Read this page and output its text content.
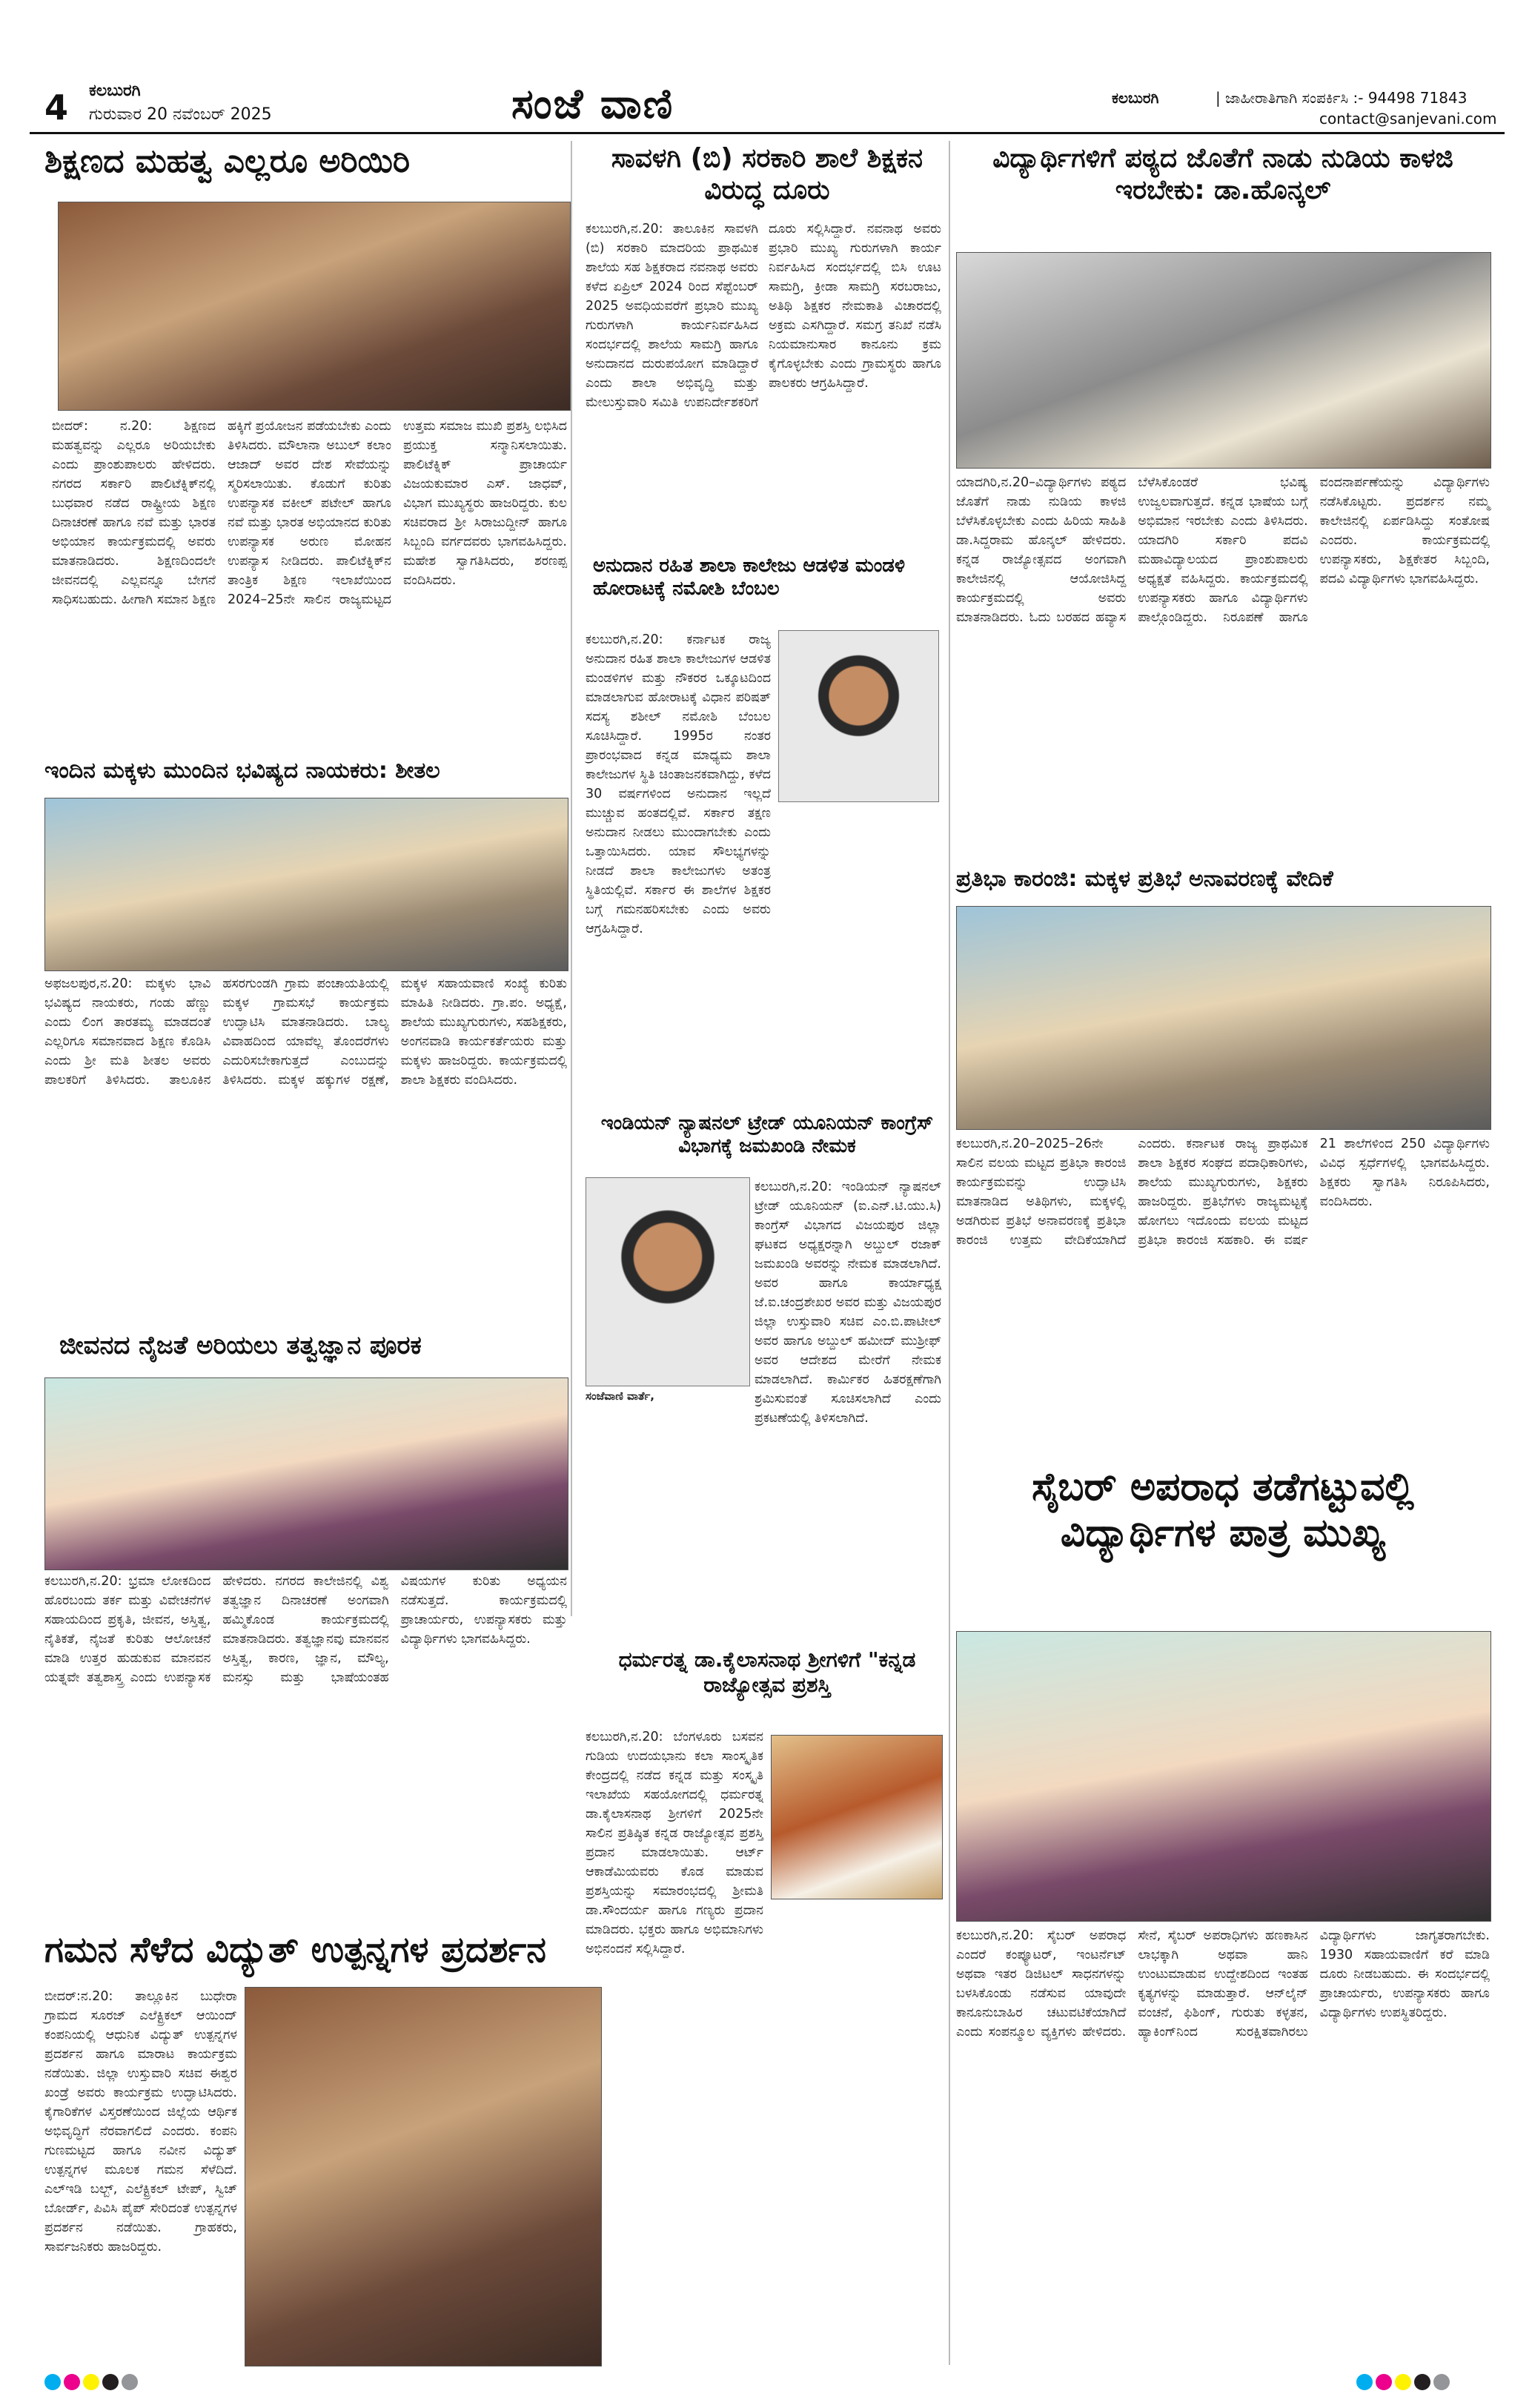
4 ಕಲಬುರಗಿ
ಗುರುವಾರ 20 ನವೆಂಬರ್ 2025	ಸಂಜೆ ವಾಣಿ	ಕಲಬುರಗಿ	| ಜಾಹೀರಾತಿಗಾಗಿ ಸಂಪರ್ಕಿಸಿ :- 94498 71843
contact@sanjevani.com
ಶಿಕ್ಷಣದ ಮಹತ್ವ ಎಲ್ಲರೂ ಅರಿಯಿರಿ
ಬೀದರ್: ನ.20: ಶಿಕ್ಷಣದ ಮಹತ್ವವನ್ನು ಎಲ್ಲರೂ ಅರಿಯಬೇಕು ಎಂದು ಪ್ರಾಂಶುಪಾಲರು ಹೇಳಿದರು. ನಗರದ ಸರ್ಕಾರಿ ಪಾಲಿಟೆಕ್ನಿಕ್‌ನಲ್ಲಿ ಬುಧವಾರ ನಡೆದ ರಾಷ್ಟ್ರೀಯ ಶಿಕ್ಷಣ ದಿನಾಚರಣೆ ಹಾಗೂ ನವೆ ಮತ್ತು ಭಾರತ ಅಭಿಯಾನ ಕಾರ್ಯಕ್ರಮದಲ್ಲಿ ಅವರು ಮಾತನಾಡಿದರು. ಶಿಕ್ಷಣದಿಂದಲೇ ಜೀವನದಲ್ಲಿ ಎಲ್ಲವನ್ನೂ ಬೇಗನೆ ಸಾಧಿಸಬಹುದು. ಹೀಗಾಗಿ ಸಮಾನ ಶಿಕ್ಷಣ ಹಕ್ಕಿಗೆ ಪ್ರಯೋಜನ ಪಡೆಯಬೇಕು ಎಂದು ತಿಳಿಸಿದರು. ಮೌಲಾನಾ ಅಬುಲ್ ಕಲಾಂ ಆಜಾದ್ ಅವರ ದೇಶ ಸೇವೆಯನ್ನು ಸ್ಮರಿಸಲಾಯಿತು. ಕೊಡುಗೆ ಕುರಿತು ಉಪನ್ಯಾಸಕ ವಕೀಲ್ ಪಟೇಲ್ ಹಾಗೂ ನವೆ ಮತ್ತು ಭಾರತ ಅಭಿಯಾನದ ಕುರಿತು ಉಪನ್ಯಾಸಕ ಅರುಣ ಮೋಹನ ಉಪನ್ಯಾಸ ನೀಡಿದರು. ಪಾಲಿಟೆಕ್ನಿಕ್‌ನ ತಾಂತ್ರಿಕ ಶಿಕ್ಷಣ ಇಲಾಖೆಯಿಂದ 2024–25ನೇ ಸಾಲಿನ ರಾಜ್ಯಮಟ್ಟದ ಉತ್ತಮ ಸಮಾಜ ಮುಖಿ ಪ್ರಶಸ್ತಿ ಲಭಿಸಿದ ಪ್ರಯುಕ್ತ ಸನ್ಮಾನಿಸಲಾಯಿತು. ಪಾಲಿಟೆಕ್ನಿಕ್ ಪ್ರಾಚಾರ್ಯ ವಿಜಯಕುಮಾರ ಎಸ್. ಜಾಧವ್, ವಿಭಾಗ ಮುಖ್ಯಸ್ಥರು ಹಾಜರಿದ್ದರು. ಕುಲ ಸಚಿವರಾದ ಶ್ರೀ ಸಿರಾಜುದ್ದೀನ್ ಹಾಗೂ ಸಿಬ್ಬಂದಿ ವರ್ಗದವರು ಭಾಗವಹಿಸಿದ್ದರು. ಮಹೇಶ ಸ್ವಾಗತಿಸಿದರು, ಶರಣಪ್ಪ ವಂದಿಸಿದರು.
ಇಂದಿನ ಮಕ್ಕಳು ಮುಂದಿನ ಭವಿಷ್ಯದ ನಾಯಕರು: ಶೀತಲ
ಅಫಜಲಪುರ,ನ.20: ಮಕ್ಕಳು ಭಾವಿ ಭವಿಷ್ಯದ ನಾಯಕರು, ಗಂಡು ಹೆಣ್ಣು ಎಂದು ಲಿಂಗ ತಾರತಮ್ಯ ಮಾಡದಂತೆ ಎಲ್ಲರಿಗೂ ಸಮಾನವಾದ ಶಿಕ್ಷಣ ಕೊಡಿಸಿ ಎಂದು ಶ್ರೀ ಮತಿ ಶೀತಲ ಅವರು ಪಾಲಕರಿಗೆ ತಿಳಿಸಿದರು. ತಾಲೂಕಿನ ಹಸರಗುಂಡಗಿ ಗ್ರಾಮ ಪಂಚಾಯತಿಯಲ್ಲಿ ಮಕ್ಕಳ ಗ್ರಾಮಸಭೆ ಕಾರ್ಯಕ್ರಮ ಉದ್ಘಾಟಿಸಿ ಮಾತನಾಡಿದರು. ಬಾಲ್ಯ ವಿವಾಹದಿಂದ ಯಾವೆಲ್ಲ ತೊಂದರೆಗಳು ಎದುರಿಸಬೇಕಾಗುತ್ತದೆ ಎಂಬುದನ್ನು ತಿಳಿಸಿದರು. ಮಕ್ಕಳ ಹಕ್ಕುಗಳ ರಕ್ಷಣೆ, ಮಕ್ಕಳ ಸಹಾಯವಾಣಿ ಸಂಖ್ಯೆ ಕುರಿತು ಮಾಹಿತಿ ನೀಡಿದರು. ಗ್ರಾ.ಪಂ. ಅಧ್ಯಕ್ಷೆ, ಶಾಲೆಯ ಮುಖ್ಯಗುರುಗಳು, ಸಹಶಿಕ್ಷಕರು, ಅಂಗನವಾಡಿ ಕಾರ್ಯಕರ್ತೆಯರು ಮತ್ತು ಮಕ್ಕಳು ಹಾಜರಿದ್ದರು. ಕಾರ್ಯಕ್ರಮದಲ್ಲಿ ಶಾಲಾ ಶಿಕ್ಷಕರು ವಂದಿಸಿದರು.
ಜೀವನದ ನೈಜತೆ ಅರಿಯಲು ತತ್ವಜ್ಞಾನ ಪೂರಕ
ಕಲಬುರಗಿ,ನ.20: ಭ್ರಮಾ ಲೋಕದಿಂದ ಹೊರಬಂದು ತರ್ಕ ಮತ್ತು ವಿವೇಚನೆಗಳ ಸಹಾಯದಿಂದ ಪ್ರಕೃತಿ, ಜೀವನ, ಅಸ್ತಿತ್ವ, ನೈತಿಕತೆ, ನೈಜತೆ ಕುರಿತು ಆಲೋಚನೆ ಮಾಡಿ ಉತ್ತರ ಹುಡುಕುವ ಮಾನವನ ಯತ್ನವೇ ತತ್ವಶಾಸ್ತ್ರ ಎಂದು ಉಪನ್ಯಾಸಕ ಹೇಳಿದರು. ನಗರದ ಕಾಲೇಜಿನಲ್ಲಿ ವಿಶ್ವ ತತ್ವಜ್ಞಾನ ದಿನಾಚರಣೆ ಅಂಗವಾಗಿ ಹಮ್ಮಿಕೊಂಡ ಕಾರ್ಯಕ್ರಮದಲ್ಲಿ ಮಾತನಾಡಿದರು. ತತ್ವಜ್ಞಾನವು ಮಾನವನ ಅಸ್ತಿತ್ವ, ಕಾರಣ, ಜ್ಞಾನ, ಮೌಲ್ಯ, ಮನಸ್ಸು ಮತ್ತು ಭಾಷೆಯಂತಹ ವಿಷಯಗಳ ಕುರಿತು ಅಧ್ಯಯನ ನಡೆಸುತ್ತದೆ. ಕಾರ್ಯಕ್ರಮದಲ್ಲಿ ಪ್ರಾಚಾರ್ಯರು, ಉಪನ್ಯಾಸಕರು ಮತ್ತು ವಿದ್ಯಾರ್ಥಿಗಳು ಭಾಗವಹಿಸಿದ್ದರು.
ಸಾವಳಗಿ (ಬಿ) ಸರಕಾರಿ ಶಾಲೆ ಶಿಕ್ಷಕನ ವಿರುದ್ಧ ದೂರು
ಕಲಬುರಗಿ,ನ.20: ತಾಲೂಕಿನ ಸಾವಳಗಿ (ಬಿ) ಸರಕಾರಿ ಮಾದರಿಯ ಪ್ರಾಥಮಿಕ ಶಾಲೆಯ ಸಹ ಶಿಕ್ಷಕರಾದ ನವನಾಥ ಅವರು ಕಳೆದ ಏಪ್ರಿಲ್ 2024 ರಿಂದ ಸೆಪ್ಟೆಂಬರ್ 2025 ಅವಧಿಯವರೆಗೆ ಪ್ರಭಾರಿ ಮುಖ್ಯ ಗುರುಗಳಾಗಿ ಕಾರ್ಯನಿರ್ವಹಿಸಿದ ಸಂದರ್ಭದಲ್ಲಿ ಶಾಲೆಯ ಸಾಮಗ್ರಿ ಹಾಗೂ ಅನುದಾನದ ದುರುಪಯೋಗ ಮಾಡಿದ್ದಾರೆ ಎಂದು ಶಾಲಾ ಅಭಿವೃದ್ಧಿ ಮತ್ತು ಮೇಲುಸ್ತುವಾರಿ ಸಮಿತಿ ಉಪನಿರ್ದೇಶಕರಿಗೆ ದೂರು ಸಲ್ಲಿಸಿದ್ದಾರೆ. ನವನಾಥ ಅವರು ಪ್ರಭಾರಿ ಮುಖ್ಯ ಗುರುಗಳಾಗಿ ಕಾರ್ಯ ನಿರ್ವಹಿಸಿದ ಸಂದರ್ಭದಲ್ಲಿ ಬಿಸಿ ಊಟ ಸಾಮಗ್ರಿ, ಕ್ರೀಡಾ ಸಾಮಗ್ರಿ ಸರಬರಾಜು, ಅತಿಥಿ ಶಿಕ್ಷಕರ ನೇಮಕಾತಿ ವಿಚಾರದಲ್ಲಿ ಅಕ್ರಮ ಎಸಗಿದ್ದಾರೆ. ಸಮಗ್ರ ತನಿಖೆ ನಡೆಸಿ ನಿಯಮಾನುಸಾರ ಕಾನೂನು ಕ್ರಮ ಕೈಗೊಳ್ಳಬೇಕು ಎಂದು ಗ್ರಾಮಸ್ಥರು ಹಾಗೂ ಪಾಲಕರು ಆಗ್ರಹಿಸಿದ್ದಾರೆ.
ಅನುದಾನ ರಹಿತ ಶಾಲಾ ಕಾಲೇಜು ಆಡಳಿತ ಮಂಡಳಿ ಹೋರಾಟಕ್ಕೆ ನಮೋಶಿ ಬೆಂಬಲ
ಕಲಬುರಗಿ,ನ.20: ಕರ್ನಾಟಕ ರಾಜ್ಯ ಅನುದಾನ ರಹಿತ ಶಾಲಾ ಕಾಲೇಜುಗಳ ಆಡಳಿತ ಮಂಡಳಿಗಳ ಮತ್ತು ನೌಕರರ ಒಕ್ಕೂಟದಿಂದ ಮಾಡಲಾಗುವ ಹೋರಾಟಕ್ಕೆ ವಿಧಾನ ಪರಿಷತ್ ಸದಸ್ಯ ಶಶೀಲ್ ನಮೋಶಿ ಬೆಂಬಲ ಸೂಚಿಸಿದ್ದಾರೆ. 1995ರ ನಂತರ ಪ್ರಾರಂಭವಾದ ಕನ್ನಡ ಮಾಧ್ಯಮ ಶಾಲಾ ಕಾಲೇಜುಗಳ ಸ್ಥಿತಿ ಚಿಂತಾಜನಕವಾಗಿದ್ದು, ಕಳೆದ 30 ವರ್ಷಗಳಿಂದ ಅನುದಾನ ಇಲ್ಲದೆ ಮುಚ್ಚುವ ಹಂತದಲ್ಲಿವೆ. ಸರ್ಕಾರ ತಕ್ಷಣ ಅನುದಾನ ನೀಡಲು ಮುಂದಾಗಬೇಕು ಎಂದು ಒತ್ತಾಯಿಸಿದರು. ಯಾವ ಸೌಲಭ್ಯಗಳನ್ನು ನೀಡದೆ ಶಾಲಾ ಕಾಲೇಜುಗಳು ಅತಂತ್ರ ಸ್ಥಿತಿಯಲ್ಲಿವೆ. ಸರ್ಕಾರ ಈ ಶಾಲೆಗಳ ಶಿಕ್ಷಕರ ಬಗ್ಗೆ ಗಮನಹರಿಸಬೇಕು ಎಂದು ಅವರು ಆಗ್ರಹಿಸಿದ್ದಾರೆ.
ಇಂಡಿಯನ್ ನ್ಯಾಷನಲ್ ಟ್ರೇಡ್ ಯೂನಿಯನ್ ಕಾಂಗ್ರೆಸ್ ವಿಭಾಗಕ್ಕೆ ಜಮಖಂಡಿ ನೇಮಕ
ಸಂಜೆವಾಣಿ ವಾರ್ತೆ,
ಕಲಬುರಗಿ,ನ.20: ಇಂಡಿಯನ್ ನ್ಯಾಷನಲ್ ಟ್ರೇಡ್ ಯೂನಿಯನ್ (ಐ.ಎನ್.ಟಿ.ಯು.ಸಿ) ಕಾಂಗ್ರೆಸ್ ವಿಭಾಗದ ವಿಜಯಪುರ ಜಿಲ್ಲಾ ಘಟಕದ ಅಧ್ಯಕ್ಷರನ್ನಾಗಿ ಅಬ್ದುಲ್ ರಜಾಕ್ ಜಮಖಂಡಿ ಅವರನ್ನು ನೇಮಕ ಮಾಡಲಾಗಿದೆ. ಅವರ ಹಾಗೂ ಕಾರ್ಯಾಧ್ಯಕ್ಷ ಜೆ.ಐ.ಚಂದ್ರಶೇಖರ ಅವರ ಮತ್ತು ವಿಜಯಪುರ ಜಿಲ್ಲಾ ಉಸ್ತುವಾರಿ ಸಚಿವ ಎಂ.ಬಿ.ಪಾಟೀಲ್ ಅವರ ಹಾಗೂ ಅಬ್ದುಲ್ ಹಮೀದ್ ಮುಶ್ರೀಫ್ ಅವರ ಆದೇಶದ ಮೇರೆಗೆ ನೇಮಕ ಮಾಡಲಾಗಿದೆ. ಕಾರ್ಮಿಕರ ಹಿತರಕ್ಷಣೆಗಾಗಿ ಶ್ರಮಿಸುವಂತೆ ಸೂಚಿಸಲಾಗಿದೆ ಎಂದು ಪ್ರಕಟಣೆಯಲ್ಲಿ ತಿಳಿಸಲಾಗಿದೆ.
ಧರ್ಮರತ್ನ ಡಾ.ಕೈಲಾಸನಾಥ ಶ್ರೀಗಳಿಗೆ "ಕನ್ನಡ ರಾಜ್ಯೋತ್ಸವ ಪ್ರಶಸ್ತಿ
ಕಲಬುರಗಿ,ನ.20: ಬೆಂಗಳೂರು ಬಸವನ ಗುಡಿಯ ಉದಯಭಾನು ಕಲಾ ಸಾಂಸ್ಕೃತಿಕ ಕೇಂದ್ರದಲ್ಲಿ ನಡೆದ ಕನ್ನಡ ಮತ್ತು ಸಂಸ್ಕೃತಿ ಇಲಾಖೆಯ ಸಹಯೋಗದಲ್ಲಿ ಧರ್ಮರತ್ನ ಡಾ.ಕೈಲಾಸನಾಥ ಶ್ರೀಗಳಿಗೆ 2025ನೇ ಸಾಲಿನ ಪ್ರತಿಷ್ಠಿತ ಕನ್ನಡ ರಾಜ್ಯೋತ್ಸವ ಪ್ರಶಸ್ತಿ ಪ್ರದಾನ ಮಾಡಲಾಯಿತು. ಆರ್ಟ್ ಆಕಾಡೆಮಿಯವರು ಕೊಡ ಮಾಡುವ ಪ್ರಶಸ್ತಿಯನ್ನು ಸಮಾರಂಭದಲ್ಲಿ ಶ್ರೀಮತಿ ಡಾ.ಸೌಂದರ್ಯ ಹಾಗೂ ಗಣ್ಯರು ಪ್ರದಾನ ಮಾಡಿದರು. ಭಕ್ತರು ಹಾಗೂ ಅಭಿಮಾನಿಗಳು ಅಭಿನಂದನೆ ಸಲ್ಲಿಸಿದ್ದಾರೆ.
ವಿದ್ಯಾರ್ಥಿಗಳಿಗೆ ಪಠ್ಯದ ಜೊತೆಗೆ ನಾಡು ನುಡಿಯ ಕಾಳಜಿ ಇರಬೇಕು: ಡಾ.ಹೊನ್ಕಲ್
ಯಾದಗಿರಿ,ನ.20–ವಿದ್ಯಾರ್ಥಿಗಳು ಪಠ್ಯದ ಜೊತೆಗೆ ನಾಡು ನುಡಿಯ ಕಾಳಜಿ ಬೆಳೆಸಿಕೊಳ್ಳಬೇಕು ಎಂದು ಹಿರಿಯ ಸಾಹಿತಿ ಡಾ.ಸಿದ್ದರಾಮ ಹೊನ್ಕಲ್ ಹೇಳಿದರು. ಕನ್ನಡ ರಾಜ್ಯೋತ್ಸವದ ಅಂಗವಾಗಿ ಕಾಲೇಜಿನಲ್ಲಿ ಆಯೋಜಿಸಿದ್ದ ಕಾರ್ಯಕ್ರಮದಲ್ಲಿ ಅವರು ಮಾತನಾಡಿದರು. ಓದು ಬರಹದ ಹವ್ಯಾಸ ಬೆಳೆಸಿಕೊಂಡರೆ ಭವಿಷ್ಯ ಉಜ್ವಲವಾಗುತ್ತದೆ. ಕನ್ನಡ ಭಾಷೆಯ ಬಗ್ಗೆ ಅಭಿಮಾನ ಇರಬೇಕು ಎಂದು ತಿಳಿಸಿದರು. ಯಾದಗಿರಿ ಸರ್ಕಾರಿ ಪದವಿ ಮಹಾವಿದ್ಯಾಲಯದ ಪ್ರಾಂಶುಪಾಲರು ಅಧ್ಯಕ್ಷತೆ ವಹಿಸಿದ್ದರು. ಕಾರ್ಯಕ್ರಮದಲ್ಲಿ ಉಪನ್ಯಾಸಕರು ಹಾಗೂ ವಿದ್ಯಾರ್ಥಿಗಳು ಪಾಲ್ಗೊಂಡಿದ್ದರು. ನಿರೂಪಣೆ ಹಾಗೂ ವಂದನಾರ್ಪಣೆಯನ್ನು ವಿದ್ಯಾರ್ಥಿಗಳು ನಡೆಸಿಕೊಟ್ಟರು. ಪ್ರದರ್ಶನ ನಮ್ಮ ಕಾಲೇಜಿನಲ್ಲಿ ಏರ್ಪಡಿಸಿದ್ದು ಸಂತೋಷ ಎಂದರು. ಕಾರ್ಯಕ್ರಮದಲ್ಲಿ ಉಪನ್ಯಾಸಕರು, ಶಿಕ್ಷಕೇತರ ಸಿಬ್ಬಂದಿ, ಪದವಿ ವಿದ್ಯಾರ್ಥಿಗಳು ಭಾಗವಹಿಸಿದ್ದರು.
ಪ್ರತಿಭಾ ಕಾರಂಜಿ: ಮಕ್ಕಳ ಪ್ರತಿಭೆ ಅನಾವರಣಕ್ಕೆ ವೇದಿಕೆ
ಕಲಬುರಗಿ,ನ.20–2025–26ನೇ ಸಾಲಿನ ವಲಯ ಮಟ್ಟದ ಪ್ರತಿಭಾ ಕಾರಂಜಿ ಕಾರ್ಯಕ್ರಮವನ್ನು ಉದ್ಘಾಟಿಸಿ ಮಾತನಾಡಿದ ಅತಿಥಿಗಳು, ಮಕ್ಕಳಲ್ಲಿ ಅಡಗಿರುವ ಪ್ರತಿಭೆ ಅನಾವರಣಕ್ಕೆ ಪ್ರತಿಭಾ ಕಾರಂಜಿ ಉತ್ತಮ ವೇದಿಕೆಯಾಗಿದೆ ಎಂದರು. ಕರ್ನಾಟಕ ರಾಜ್ಯ ಪ್ರಾಥಮಿಕ ಶಾಲಾ ಶಿಕ್ಷಕರ ಸಂಘದ ಪದಾಧಿಕಾರಿಗಳು, ಶಾಲೆಯ ಮುಖ್ಯಗುರುಗಳು, ಶಿಕ್ಷಕರು ಹಾಜರಿದ್ದರು. ಪ್ರತಿಭೆಗಳು ರಾಜ್ಯಮಟ್ಟಕ್ಕೆ ಹೋಗಲು ಇದೊಂದು ವಲಯ ಮಟ್ಟದ ಪ್ರತಿಭಾ ಕಾರಂಜಿ ಸಹಕಾರಿ. ಈ ವರ್ಷ 21 ಶಾಲೆಗಳಿಂದ 250 ವಿದ್ಯಾರ್ಥಿಗಳು ವಿವಿಧ ಸ್ಪರ್ಧೆಗಳಲ್ಲಿ ಭಾಗವಹಿಸಿದ್ದರು. ಶಿಕ್ಷಕರು ಸ್ವಾಗತಿಸಿ ನಿರೂಪಿಸಿದರು, ವಂದಿಸಿದರು.
ಸೈಬರ್ ಅಪರಾಧ ತಡೆಗಟ್ಟುವಲ್ಲಿ ವಿದ್ಯಾರ್ಥಿಗಳ ಪಾತ್ರ ಮುಖ್ಯ
ಕಲಬುರಗಿ,ನ.20: ಸೈಬರ್ ಅಪರಾಧ ಎಂದರೆ ಕಂಪ್ಯೂಟರ್, ಇಂಟರ್ನೆಟ್ ಅಥವಾ ಇತರ ಡಿಜಿಟಲ್ ಸಾಧನಗಳನ್ನು ಬಳಸಿಕೊಂಡು ನಡೆಸುವ ಯಾವುದೇ ಕಾನೂನುಬಾಹಿರ ಚಟುವಟಿಕೆಯಾಗಿದೆ ಎಂದು ಸಂಪನ್ಮೂಲ ವ್ಯಕ್ತಿಗಳು ಹೇಳಿದರು. ಸೇನೆ, ಸೈಬರ್ ಅಪರಾಧಿಗಳು ಹಣಕಾಸಿನ ಲಾಭಕ್ಕಾಗಿ ಅಥವಾ ಹಾನಿ ಉಂಟುಮಾಡುವ ಉದ್ದೇಶದಿಂದ ಇಂತಹ ಕೃತ್ಯಗಳನ್ನು ಮಾಡುತ್ತಾರೆ. ಆನ್‌ಲೈನ್ ವಂಚನೆ, ಫಿಶಿಂಗ್, ಗುರುತು ಕಳ್ಳತನ, ಹ್ಯಾಕಿಂಗ್‌ನಿಂದ ಸುರಕ್ಷಿತವಾಗಿರಲು ವಿದ್ಯಾರ್ಥಿಗಳು ಜಾಗೃತರಾಗಬೇಕು. 1930 ಸಹಾಯವಾಣಿಗೆ ಕರೆ ಮಾಡಿ ದೂರು ನೀಡಬಹುದು. ಈ ಸಂದರ್ಭದಲ್ಲಿ ಪ್ರಾಚಾರ್ಯರು, ಉಪನ್ಯಾಸಕರು ಹಾಗೂ ವಿದ್ಯಾರ್ಥಿಗಳು ಉಪಸ್ಥಿತರಿದ್ದರು.
ಗಮನ ಸೆಳೆದ ವಿದ್ಯುತ್ ಉತ್ಪನ್ನಗಳ ಪ್ರದರ್ಶನ
ಬೀದರ್:ನ.20: ತಾಲ್ಲೂಕಿನ ಬುಧೇರಾ ಗ್ರಾಮದ ಸೂರಜ್ ಎಲೆಕ್ಟ್ರಿಕಲ್ ಆಯಿಂದ್ ಕಂಪನಿಯಲ್ಲಿ ಆಧುನಿಕ ವಿದ್ಯುತ್ ಉತ್ಪನ್ನಗಳ ಪ್ರದರ್ಶನ ಹಾಗೂ ಮಾರಾಟ ಕಾರ್ಯಕ್ರಮ ನಡೆಯಿತು. ಜಿಲ್ಲಾ ಉಸ್ತುವಾರಿ ಸಚಿವ ಈಶ್ವರ ಖಂಡ್ರೆ ಅವರು ಕಾರ್ಯಕ್ರಮ ಉದ್ಘಾಟಿಸಿದರು. ಕೈಗಾರಿಕೆಗಳ ವಿಸ್ತರಣೆಯಿಂದ ಜಿಲ್ಲೆಯ ಆರ್ಥಿಕ ಅಭಿವೃದ್ಧಿಗೆ ನೆರವಾಗಲಿದೆ ಎಂದರು. ಕಂಪನಿ ಗುಣಮಟ್ಟದ ಹಾಗೂ ನವೀನ ವಿದ್ಯುತ್ ಉತ್ಪನ್ನಗಳ ಮೂಲಕ ಗಮನ ಸೆಳೆದಿದೆ. ಎಲ್‌ಇಡಿ ಬಲ್ಬ್, ಎಲೆಕ್ಟ್ರಿಕಲ್ ಟೇಪ್, ಸ್ವಿಚ್ ಬೋರ್ಡ್, ಪಿವಿಸಿ ಪೈಪ್ ಸೇರಿದಂತೆ ಉತ್ಪನ್ನಗಳ ಪ್ರದರ್ಶನ ನಡೆಯಿತು. ಗ್ರಾಹಕರು, ಸಾರ್ವಜನಿಕರು ಹಾಜರಿದ್ದರು.
